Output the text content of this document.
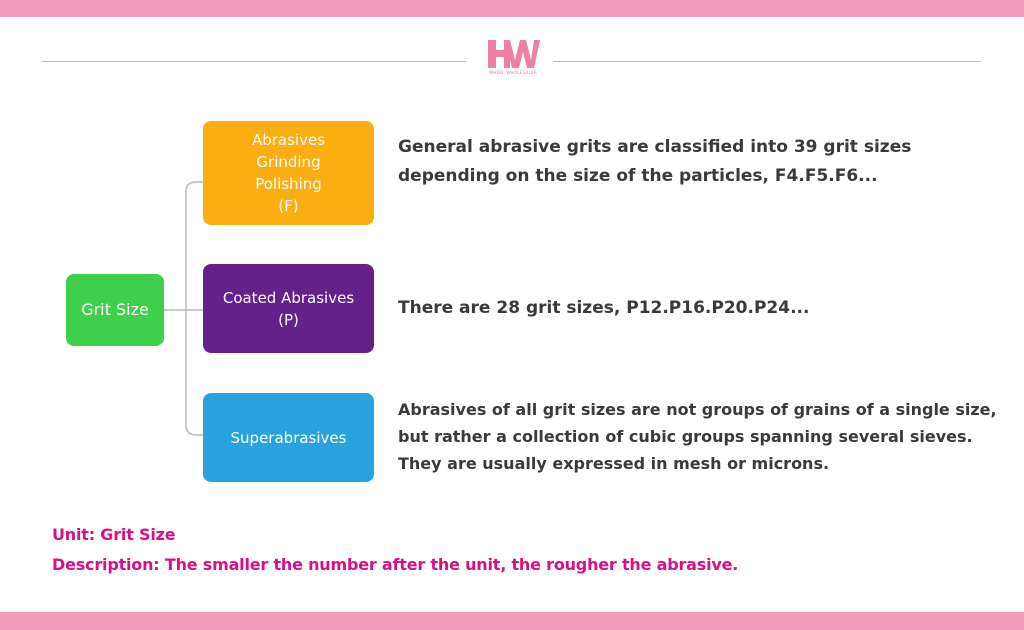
WHEEL WHOLESALER
Grit Size
Abrasives
Grinding
Polishing
(F)
Coated Abrasives
(P)
Superabrasives
General abrasive grits are classified into 39 grit sizes
depending on the size of the particles, F4.F5.F6...
There are 28 grit sizes, P12.P16.P20.P24...
Abrasives of all grit sizes are not groups of grains of a single size,
but rather a collection of cubic groups spanning several sieves.
They are usually expressed in mesh or microns.
Unit: Grit Size
Description: The smaller the number after the unit, the rougher the abrasive.
